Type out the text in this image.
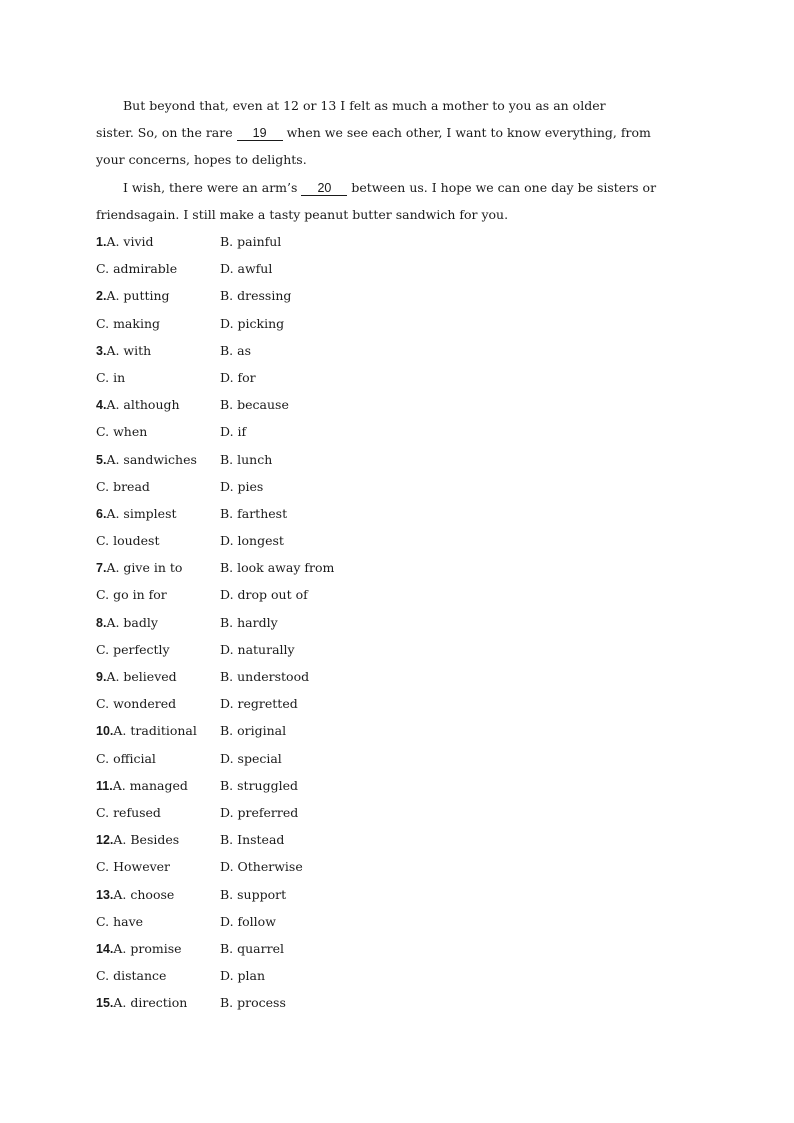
But beyond that, even at 12 or 13 I felt as much a mother to you as an older

sister. So, on the rare 19 when we see each other, I want to know everything, from

your concerns, hopes to delights.

I wish, there were an arm’s 20 between us. I hope we can one day be sisters or

friendsagain. I still make a tasty peanut butter sandwich for you.

1.A. vivid	B. painful
C. admirable	D. awful
2.A. putting	B. dressing
C. making	D. picking
3.A. with	B. as
C. in	D. for
4.A. although	B. because
C. when	D. if
5.A. sandwiches B. lunch
C. bread	D. pies
6.A. simplest	B. farthest
C. loudest	D. longest
7.A. give in to	B. look away from
C. go in for	D. drop out of
8.A. badly	B. hardly
C. perfectly	D. naturally
9.A. believed	B. understood
C. wondered	D. regretted
10.A. traditional B. original
C. official	D. special
11.A. managed	B. struggled
C. refused	D. preferred
12.A. Besides	B. Instead
C. However	D. Otherwise
13.A. choose	B. support
C. have	D. follow
14.A. promise	B. quarrel
C. distance	D. plan
15.A. direction	B. process
